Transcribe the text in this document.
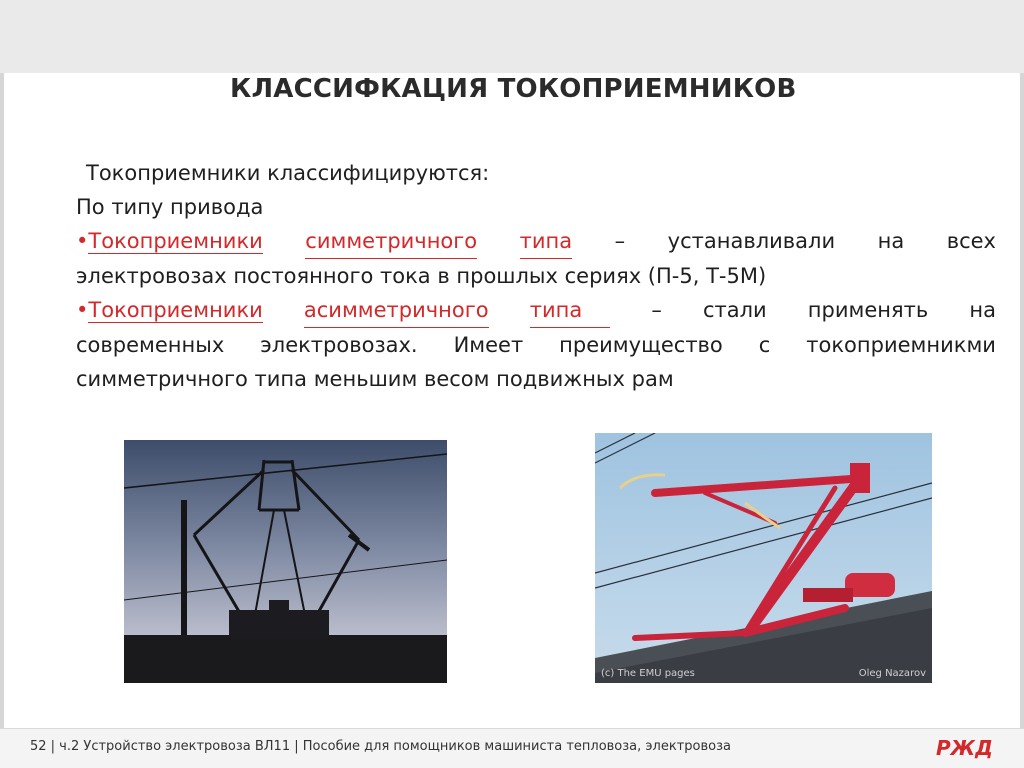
КЛАССИФКАЦИЯ ТОКОПРИЕМНИКОВ
Токоприемники классифицируются:
По типу привода
•Токоприемники симметричного типа – устанавливали на всех
электровозах постоянного тока в прошлых сериях (П-5, Т-5М)
•Токоприемники асимметричного типа	– стали применять на
современных электровозах. Имеет преимущество с токоприемникми
симметричного типа меньшим весом подвижных рам
(c) The EMU pages	Oleg Nazarov
52 | ч.2 Устройство электровоза ВЛ11 | Пособие для помощников машиниста тепловоза, электровоза	РЖД
